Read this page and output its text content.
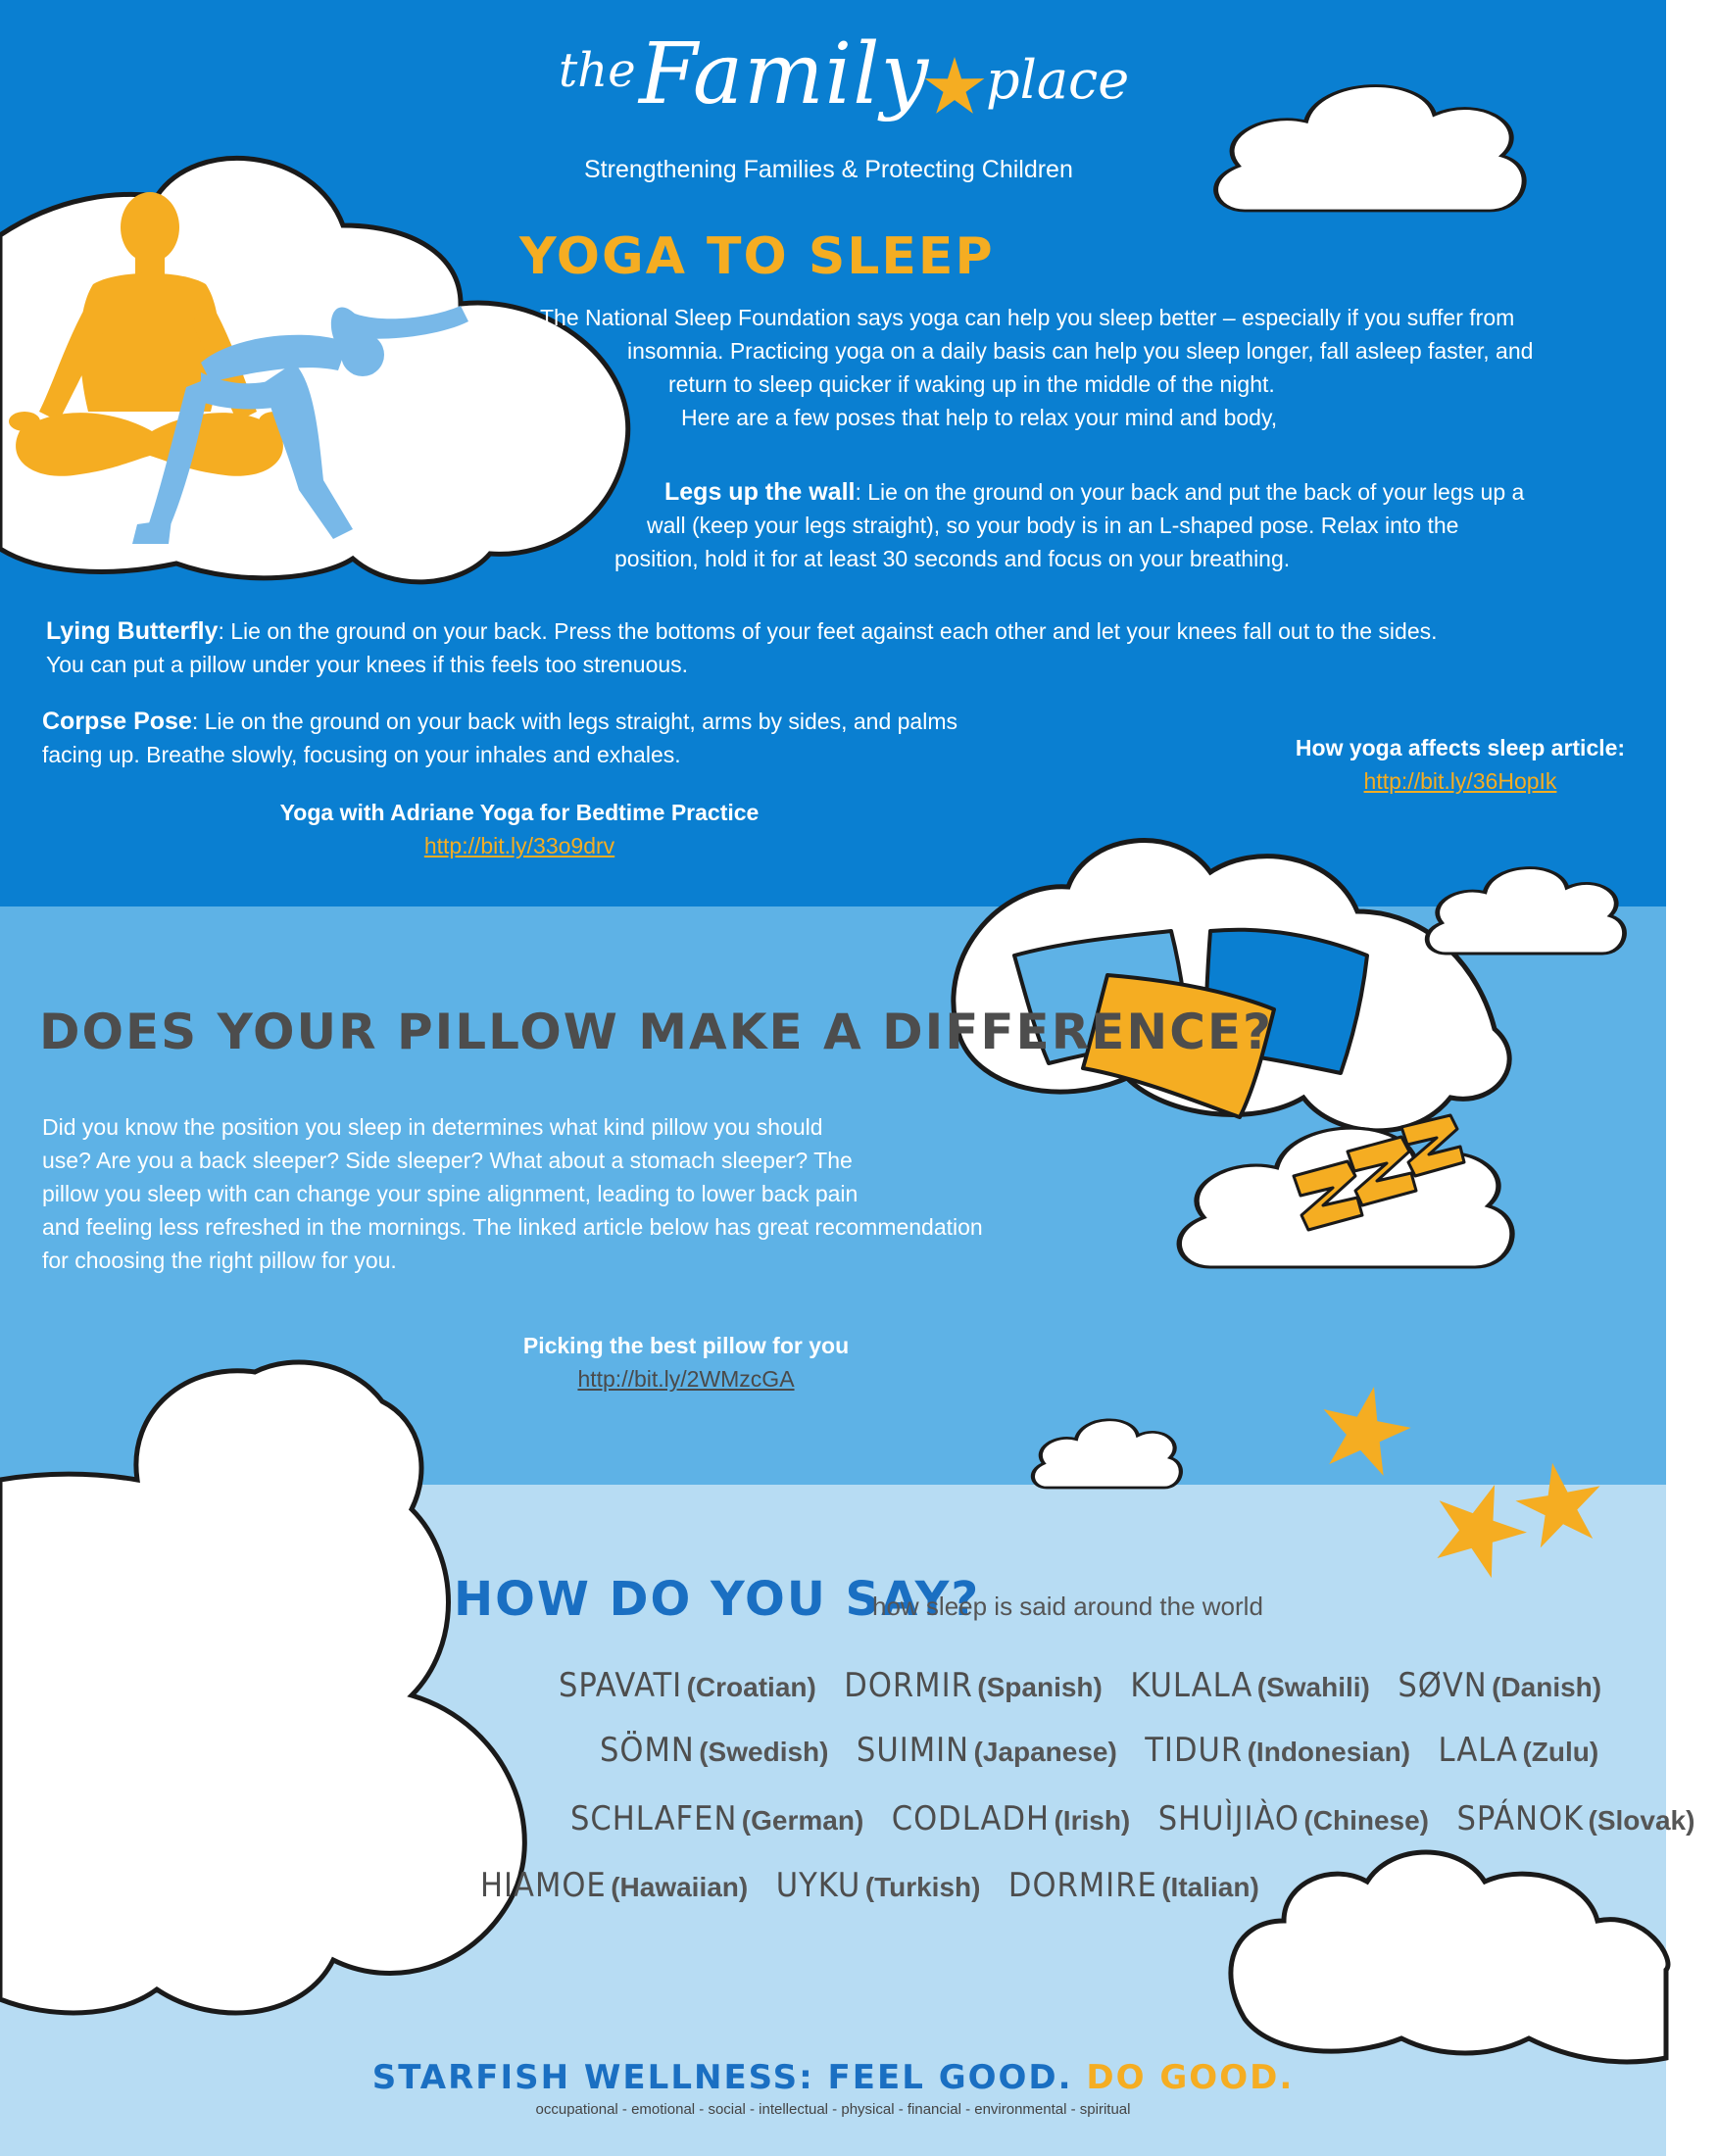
the Family place
Strengthening Families & Protecting Children
YOGA TO SLEEP
The National Sleep Foundation says yoga can help you sleep better – especially if you suffer from
insomnia. Practicing yoga on a daily basis can help you sleep longer, fall asleep faster, and
return to sleep quicker if waking up in the middle of the night.
Here are a few poses that help to relax your mind and body,
Legs up the wall: Lie on the ground on your back and put the back of your legs up a
wall (keep your legs straight), so your body is in an L-shaped pose. Relax into the
position, hold it for at least 30 seconds and focus on your breathing.
Lying Butterfly: Lie on the ground on your back. Press the bottoms of your feet against each other and let your knees fall out to the sides.
You can put a pillow under your knees if this feels too strenuous.
Corpse Pose: Lie on the ground on your back with legs straight, arms by sides, and palms
facing up. Breathe slowly, focusing on your inhales and exhales.
Yoga with Adriane Yoga for Bedtime Practice
http://bit.ly/33o9drv
How yoga affects sleep article:
http://bit.ly/36HopIk
DOES YOUR PILLOW MAKE A DIFFERENCE?
Did you know the position you sleep in determines what kind pillow you should
use? Are you a back sleeper? Side sleeper? What about a stomach sleeper? The
pillow you sleep with can change your spine alignment, leading to lower back pain
and feeling less refreshed in the mornings. The linked article below has great recommendation
for choosing the right pillow for you.
Picking the best pillow for you
http://bit.ly/2WMzcGA
HOW DO YOU SAY?
how sleep is said around the world
SPAVATI (Croatian) DORMIR (Spanish) KULALA (Swahili) SØVN (Danish)
SÖMN (Swedish) SUIMIN (Japanese) TIDUR (Indonesian) LALA (Zulu)
SCHLAFEN (German) CODLADH (Irish) SHUÌJIÀO (Chinese) SPÁNOK (Slovak)
HIAMOE (Hawaiian) UYKU (Turkish) DORMIRE (Italian)
STARFISH WELLNESS: FEEL GOOD. DO GOOD.
occupational - emotional - social - intellectual - physical - financial - environmental - spiritual
